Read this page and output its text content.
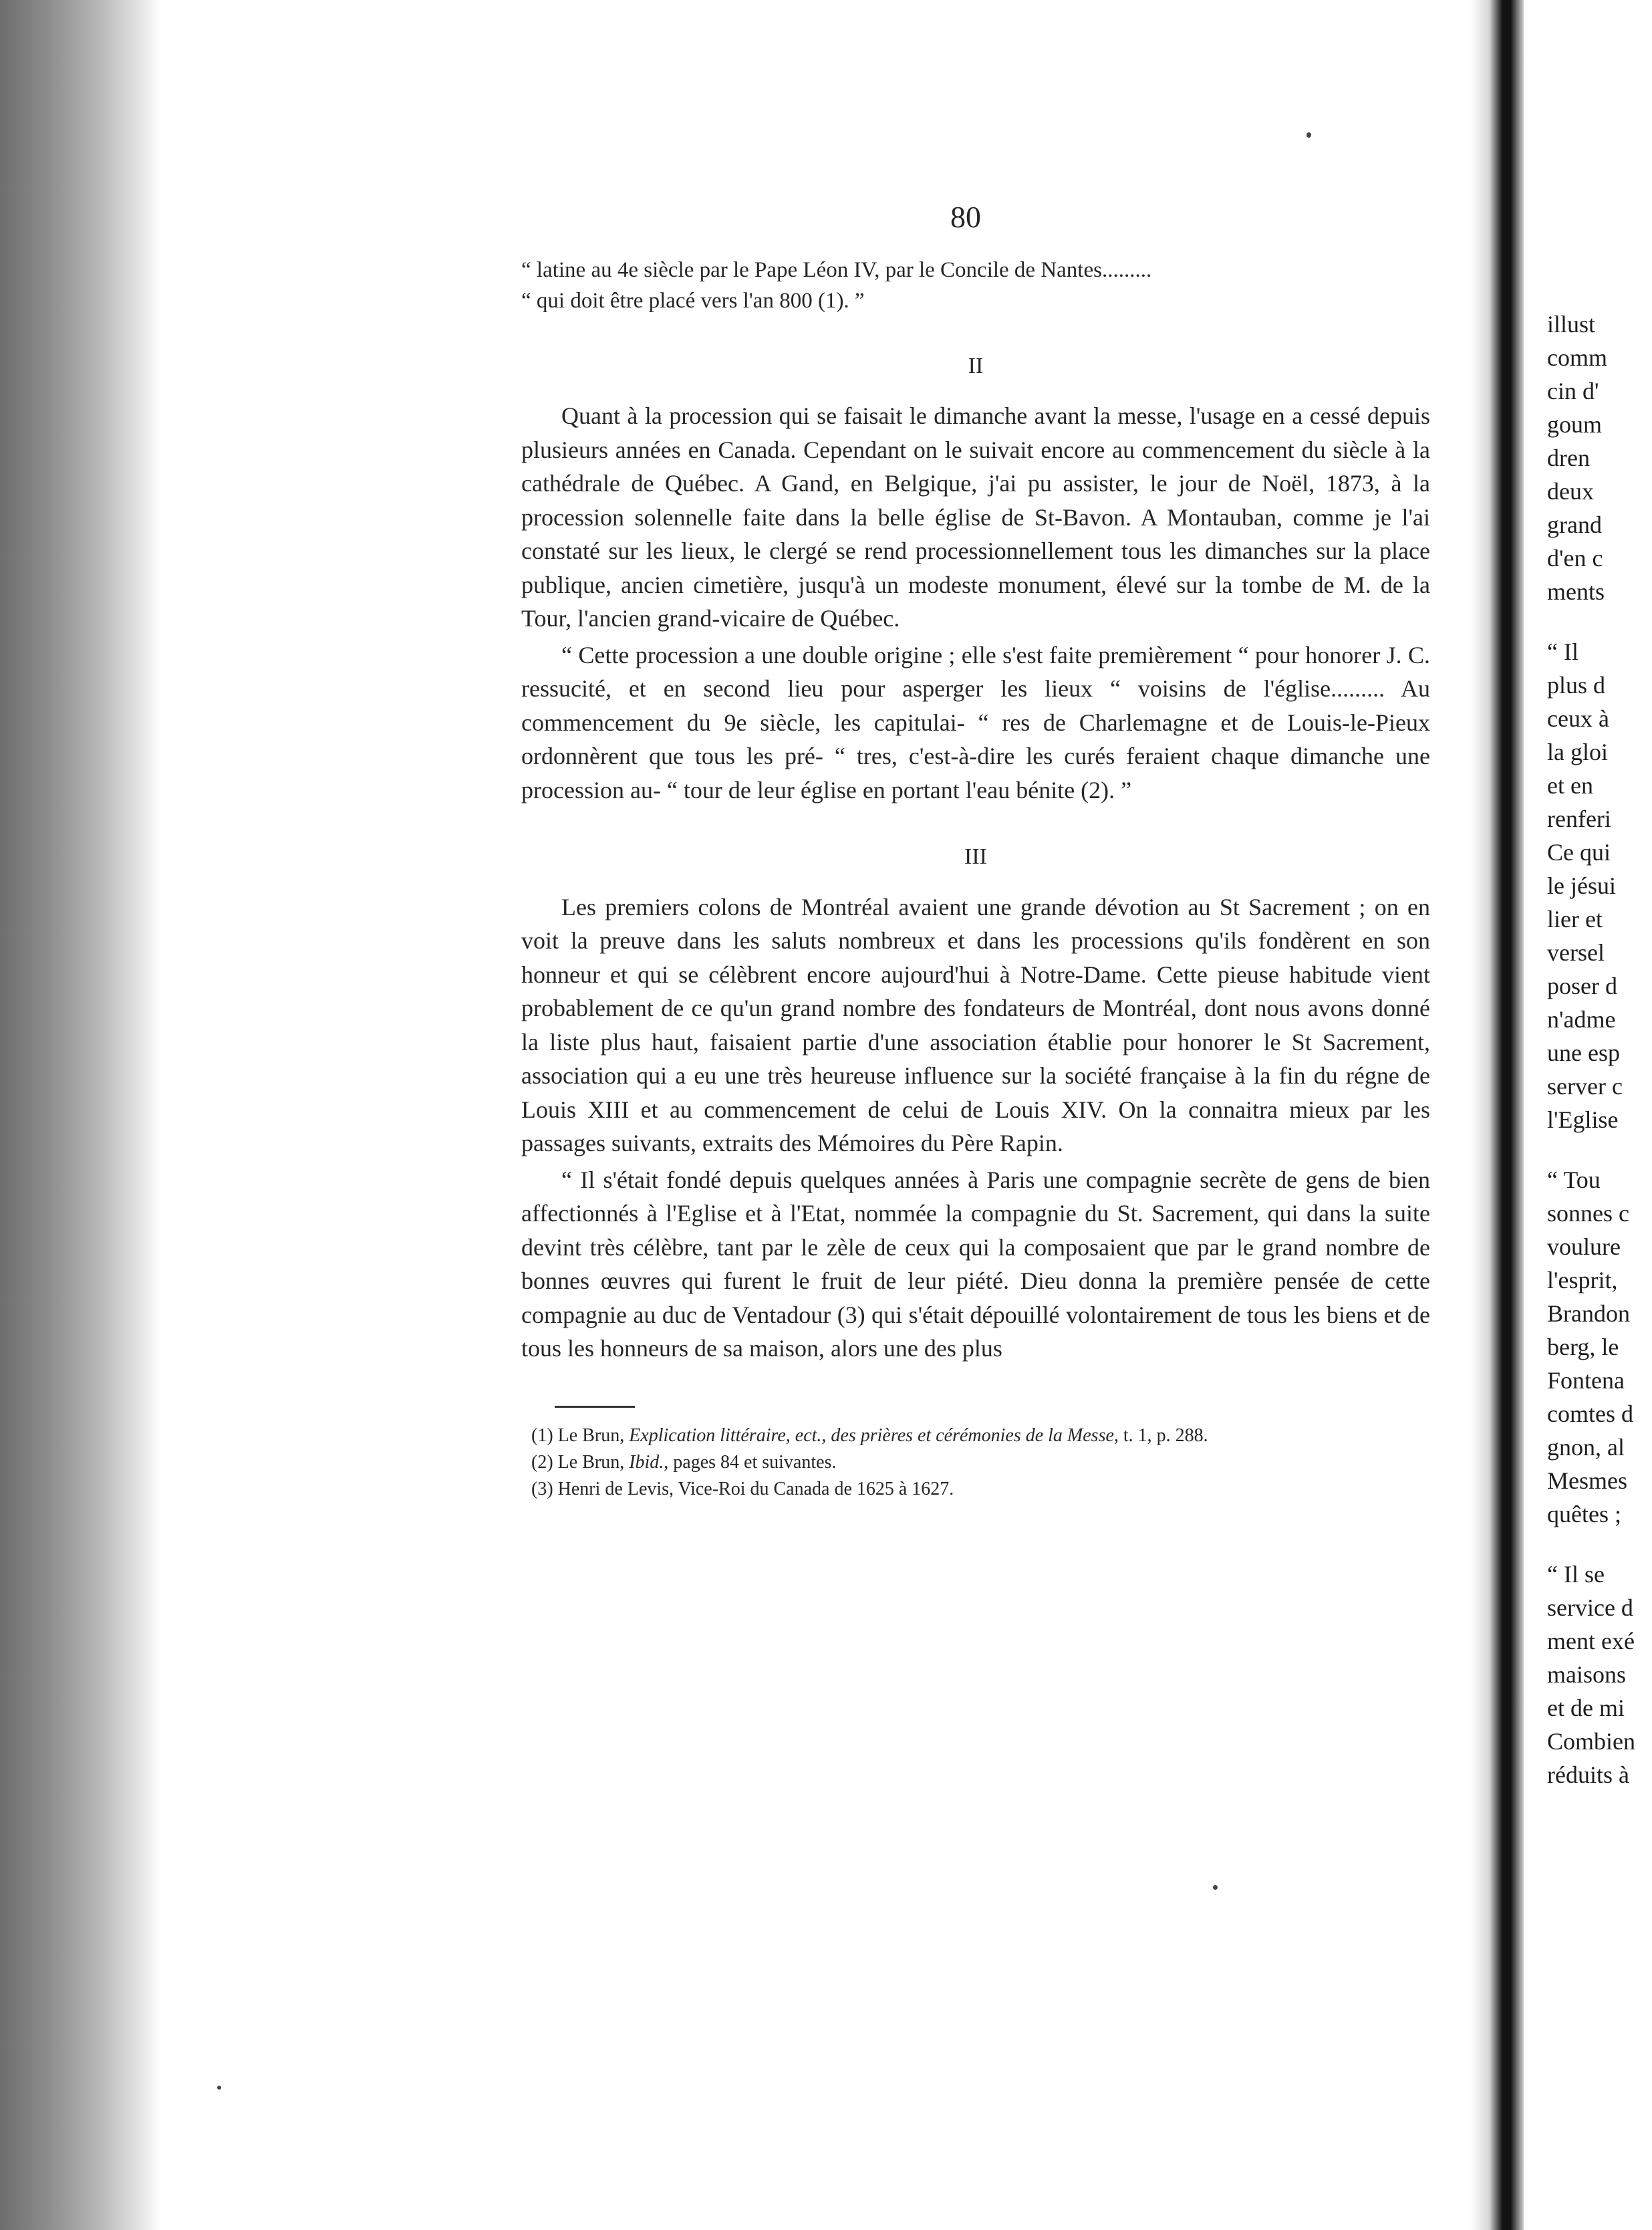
80

“ latine au 4e siècle par le Pape Léon IV, par le Concile de Nantes.........

“ qui doit être placé vers l'an 800 (1). ”

II

Quant à la procession qui se faisait le dimanche avant la messe, l'usage en a cessé depuis plusieurs années en Canada. Cependant on le suivait encore au commencement du siècle à la cathédrale de Québec. A Gand, en Belgique, j'ai pu assister, le jour de Noël, 1873, à la procession solennelle faite dans la belle église de St-Bavon. A Montauban, comme je l'ai constaté sur les lieux, le clergé se rend processionnellement tous les dimanches sur la place publique, ancien cimetière, jusqu'à un modeste monument, élevé sur la tombe de M. de la Tour, l'ancien grand-vicaire de Québec.

“ Cette procession a une double origine ; elle s'est faite premièrement “ pour honorer J. C. ressucité, et en second lieu pour asperger les lieux “ voisins de l'église......... Au commencement du 9e siècle, les capitulai- “ res de Charlemagne et de Louis-le-Pieux ordonnèrent que tous les pré- “ tres, c'est-à-dire les curés feraient chaque dimanche une procession au- “ tour de leur église en portant l'eau bénite (2). ”

III

Les premiers colons de Montréal avaient une grande dévotion au St Sacrement ; on en voit la preuve dans les saluts nombreux et dans les processions qu'ils fondèrent en son honneur et qui se célèbrent encore aujourd'hui à Notre-Dame. Cette pieuse habitude vient probablement de ce qu'un grand nombre des fondateurs de Montréal, dont nous avons donné la liste plus haut, faisaient partie d'une association établie pour honorer le St Sacrement, association qui a eu une très heureuse influence sur la société française à la fin du régne de Louis XIII et au commencement de celui de Louis XIV. On la connaitra mieux par les passages suivants, extraits des Mémoires du Père Rapin.

“ Il s'était fondé depuis quelques années à Paris une compagnie secrète de gens de bien affectionnés à l'Eglise et à l'Etat, nommée la compagnie du St. Sacrement, qui dans la suite devint très célèbre, tant par le zèle de ceux qui la composaient que par le grand nombre de bonnes œuvres qui furent le fruit de leur piété. Dieu donna la première pensée de cette compagnie au duc de Ventadour (3) qui s'était dépouillé volontairement de tous les biens et de tous les honneurs de sa maison, alors une des plus

(1) Le Brun, Explication littéraire, ect., des prières et cérémonies de la Messe, t. 1, p. 288.

(2) Le Brun, Ibid., pages 84 et suivantes.

(3) Henri de Levis, Vice-Roi du Canada de 1625 à 1627.

illust

comm

cin d'

goum

dren

deux

grand

d'en c

ments

“ Il

plus d

ceux à

la gloi

et en

renferi

Ce qui

le jésui

lier et

versel

poser d

n'adme

une esp

server c

l'Eglise

“ Tou

sonnes c

voulure

l'esprit,

Brandon

berg, le

Fontena

comtes d

gnon, al

Mesmes

quêtes ;

“ Il se

service d

ment exé

maisons

et de mi

Combien

réduits à
